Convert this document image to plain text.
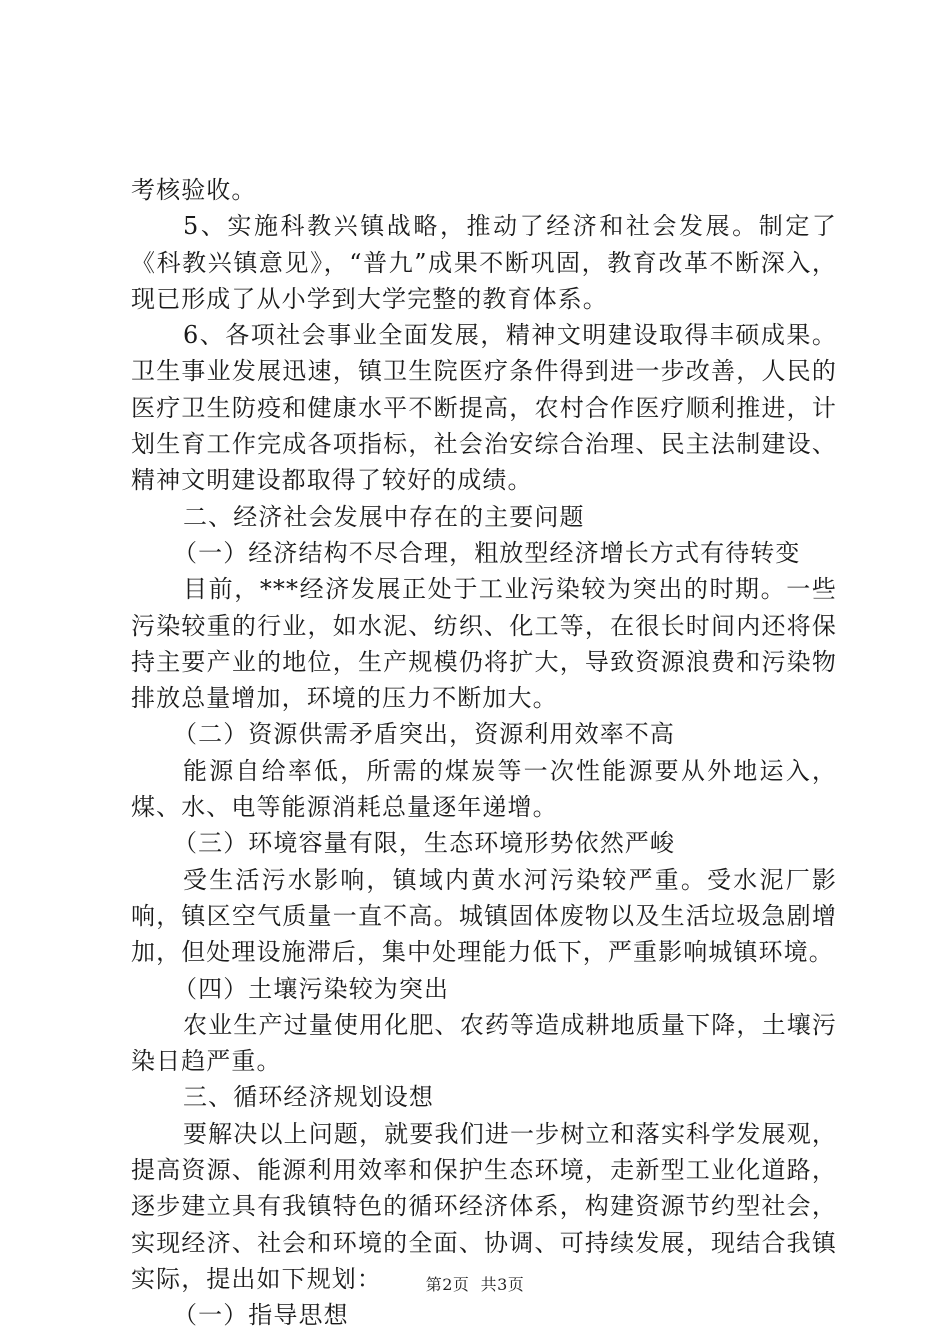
考核验收。

5、实施科教兴镇战略，推动了经济和社会发展。制定了《科教兴镇意见》，“普九”成果不断巩固，教育改革不断深入，现已形成了从小学到大学完整的教育体系。

6、各项社会事业全面发展，精神文明建设取得丰硕成果。卫生事业发展迅速，镇卫生院医疗条件得到进一步改善，人民的医疗卫生防疫和健康水平不断提高，农村合作医疗顺利推进，计划生育工作完成各项指标，社会治安综合治理、民主法制建设、精神文明建设都取得了较好的成绩。

二、经济社会发展中存在的主要问题

（一）经济结构不尽合理，粗放型经济增长方式有待转变

目前，***经济发展正处于工业污染较为突出的时期。一些污染较重的行业，如水泥、纺织、化工等，在很长时间内还将保持主要产业的地位，生产规模仍将扩大，导致资源浪费和污染物排放总量增加，环境的压力不断加大。

（二）资源供需矛盾突出，资源利用效率不高

能源自给率低，所需的煤炭等一次性能源要从外地运入，煤、水、电等能源消耗总量逐年递增。

（三）环境容量有限，生态环境形势依然严峻

受生活污水影响，镇域内黄水河污染较严重。受水泥厂影响，镇区空气质量一直不高。城镇固体废物以及生活垃圾急剧增加，但处理设施滞后，集中处理能力低下，严重影响城镇环境。

（四）土壤污染较为突出

农业生产过量使用化肥、农药等造成耕地质量下降，土壤污染日趋严重。

三、循环经济规划设想

要解决以上问题，就要我们进一步树立和落实科学发展观，提高资源、能源利用效率和保护生态环境，走新型工业化道路，逐步建立具有我镇特色的循环经济体系，构建资源节约型社会，实现经济、社会和环境的全面、协调、可持续发展，现结合我镇实际，提出如下规划：

（一）指导思想

第2页 共3页
